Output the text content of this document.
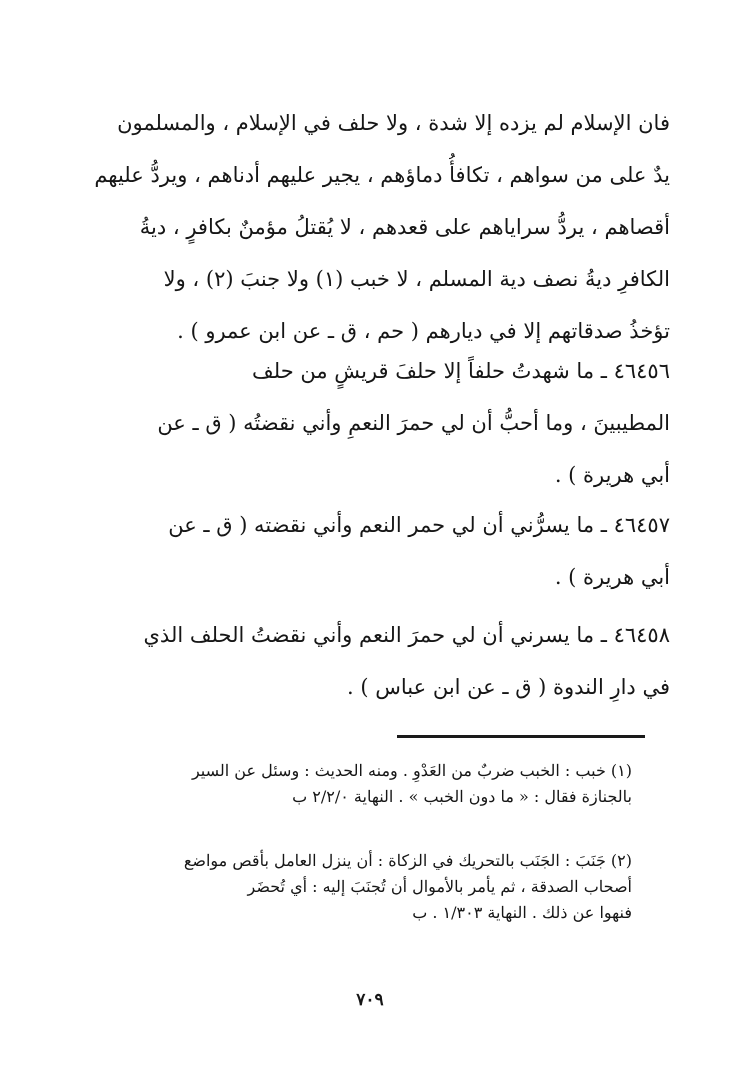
فان الإسلام لم يزده إلا شدة ، ولا حلف في الإسلام ، والمسلمون
يدٌ على من سواهم ، تكافأُ دماؤهم ، يجير عليهم أدناهم ، ويردُّ عليهم
أقصاهم ، يردُّ سراياهم على قعدهم ، لا يُقتلُ مؤمنٌ بكافرٍ ، ديةُ
الكافرِ ديةُ نصف دية المسلم ، لا خبب (١) ولا جنبَ (٢) ، ولا
تؤخذُ صدقاتهم إلا في ديارهم ( حم ، ق ـ عن ابن عمرو ) .
٤٦٤٥٦ ـ ما شهدتُ حلفاً إلا حلفَ قريشٍ من حلف
المطيبينَ ، وما أحبُّ أن لي حمرَ النعمِ وأني نقضتُه ( ق ـ عن
أبي هريرة ) .
٤٦٤٥٧ ـ ما يسرُّني أن لي حمر النعم وأني نقضته ( ق ـ عن
أبي هريرة ) .
٤٦٤٥٨ ـ ما يسرني أن لي حمرَ النعم وأني نقضتُ الحلف الذي
في دارِ الندوة ( ق ـ عن ابن عباس ) .
(١) خبب : الخبب ضربٌ من العَدْوِ . ومنه الحديث : وسئل عن السير
بالجنازة فقال : « ما دون الخبب » . النهاية ٢/٢/٠ ب
(٢) جَنَبَ : الجَنَب بالتحريك في الزكاة : أن ينزل العامل بأقص مواضع
أصحاب الصدقة ، ثم يأمر بالأموال أن تُجنَبَ إليه : أي تُحضَر
فنهوا عن ذلك . النهاية ١/٣٠٣ . ب
٧٠٩
